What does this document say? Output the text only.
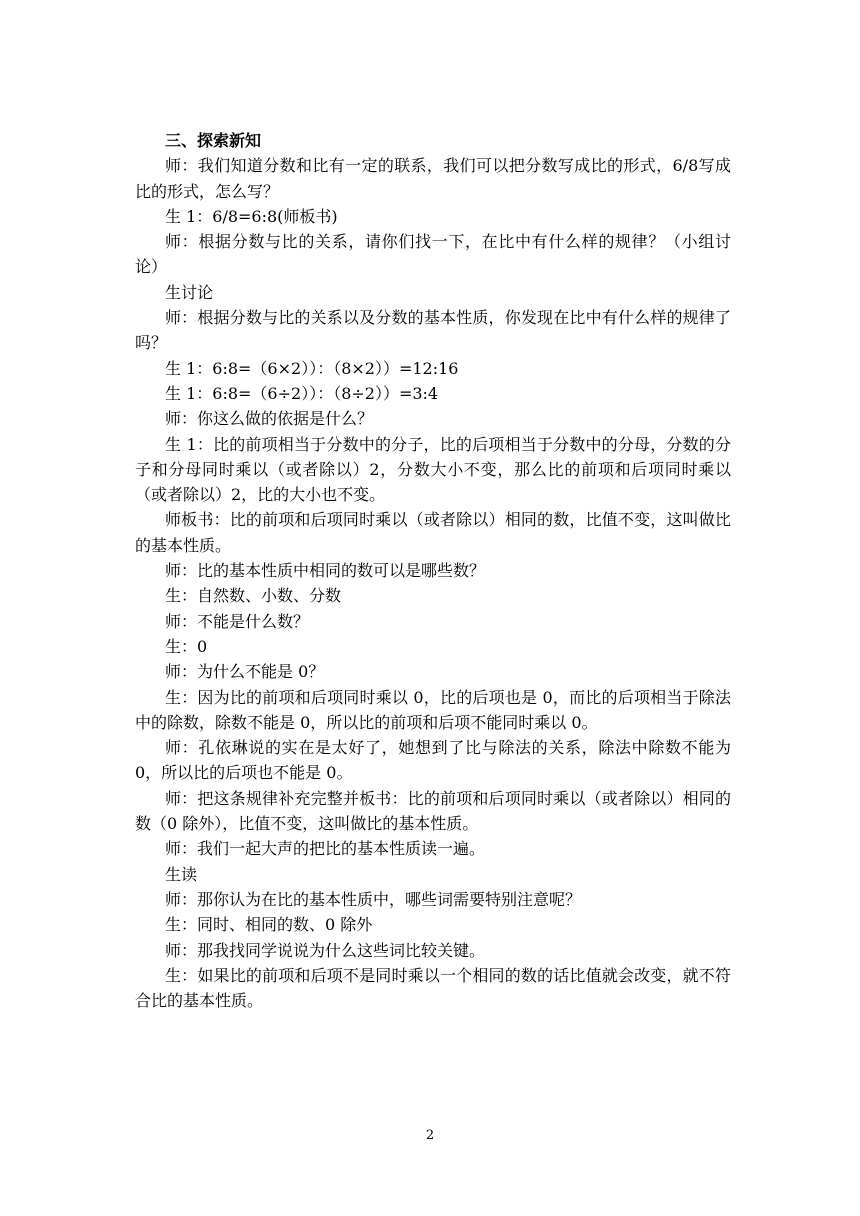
三、探索新知

师：我们知道分数和比有一定的联系，我们可以把分数写成比的形式，6/8写成比的形式，怎么写？

生 1：6/8=6:8(师板书)

师：根据分数与比的关系，请你们找一下，在比中有什么样的规律？（小组讨论）

生讨论

师：根据分数与比的关系以及分数的基本性质，你发现在比中有什么样的规律了吗？

生 1：6:8=（6×2））：（8×2））=12:16

生 1：6:8=（6÷2））：（8÷2））=3:4

师：你这么做的依据是什么？

生 1：比的前项相当于分数中的分子，比的后项相当于分数中的分母，分数的分子和分母同时乘以（或者除以）2，分数大小不变，那么比的前项和后项同时乘以（或者除以）2，比的大小也不变。

师板书：比的前项和后项同时乘以（或者除以）相同的数，比值不变，这叫做比的基本性质。

师：比的基本性质中相同的数可以是哪些数？

生：自然数、小数、分数

师：不能是什么数？

生：0

师：为什么不能是 0？

生：因为比的前项和后项同时乘以 0，比的后项也是 0，而比的后项相当于除法中的除数，除数不能是 0，所以比的前项和后项不能同时乘以 0。

师：孔依琳说的实在是太好了，她想到了比与除法的关系，除法中除数不能为 0，所以比的后项也不能是 0。

师：把这条规律补充完整并板书：比的前项和后项同时乘以（或者除以）相同的数（0 除外），比值不变，这叫做比的基本性质。

师：我们一起大声的把比的基本性质读一遍。

生读

师：那你认为在比的基本性质中，哪些词需要特别注意呢？

生：同时、相同的数、0 除外

师：那我找同学说说为什么这些词比较关键。

生：如果比的前项和后项不是同时乘以一个相同的数的话比值就会改变，就不符合比的基本性质。

2
